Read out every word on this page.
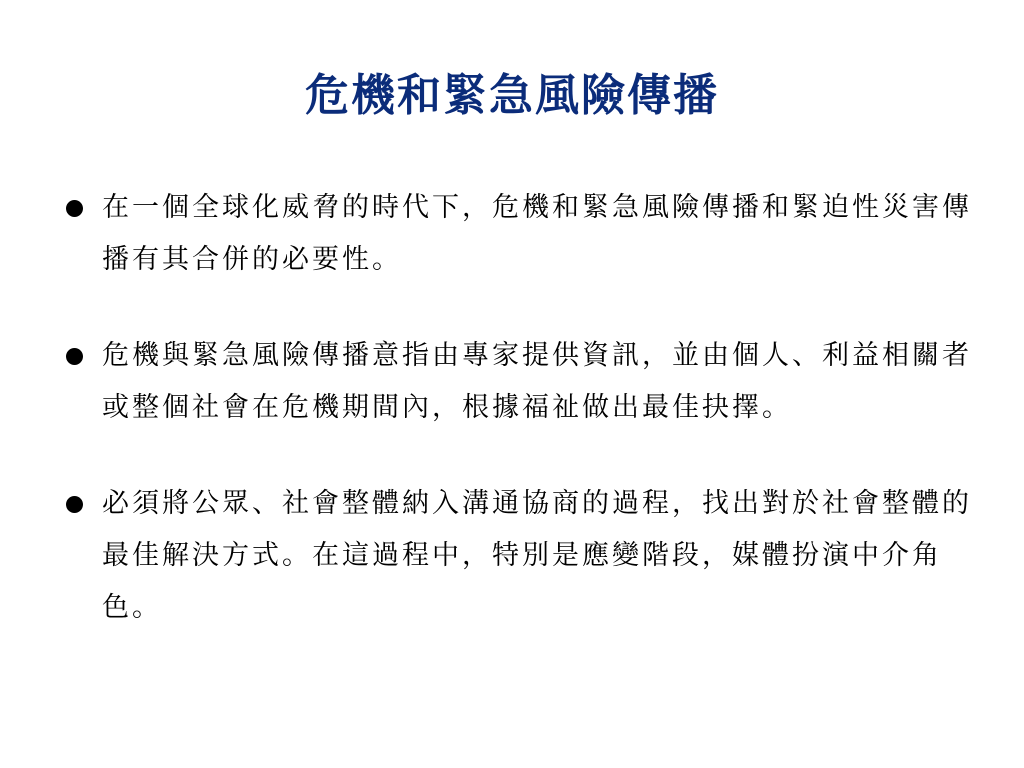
危機和緊急風險傳播
在一個全球化威脅的時代下，危機和緊急風險傳播和緊迫性災害傳播有其合併的必要性。
危機與緊急風險傳播意指由專家提供資訊，並由個人、利益相關者或整個社會在危機期間內，根據福祉做出最佳抉擇。
必須將公眾、社會整體納入溝通協商的過程，找出對於社會整體的最佳解決方式。在這過程中，特別是應變階段，媒體扮演中介角色。
